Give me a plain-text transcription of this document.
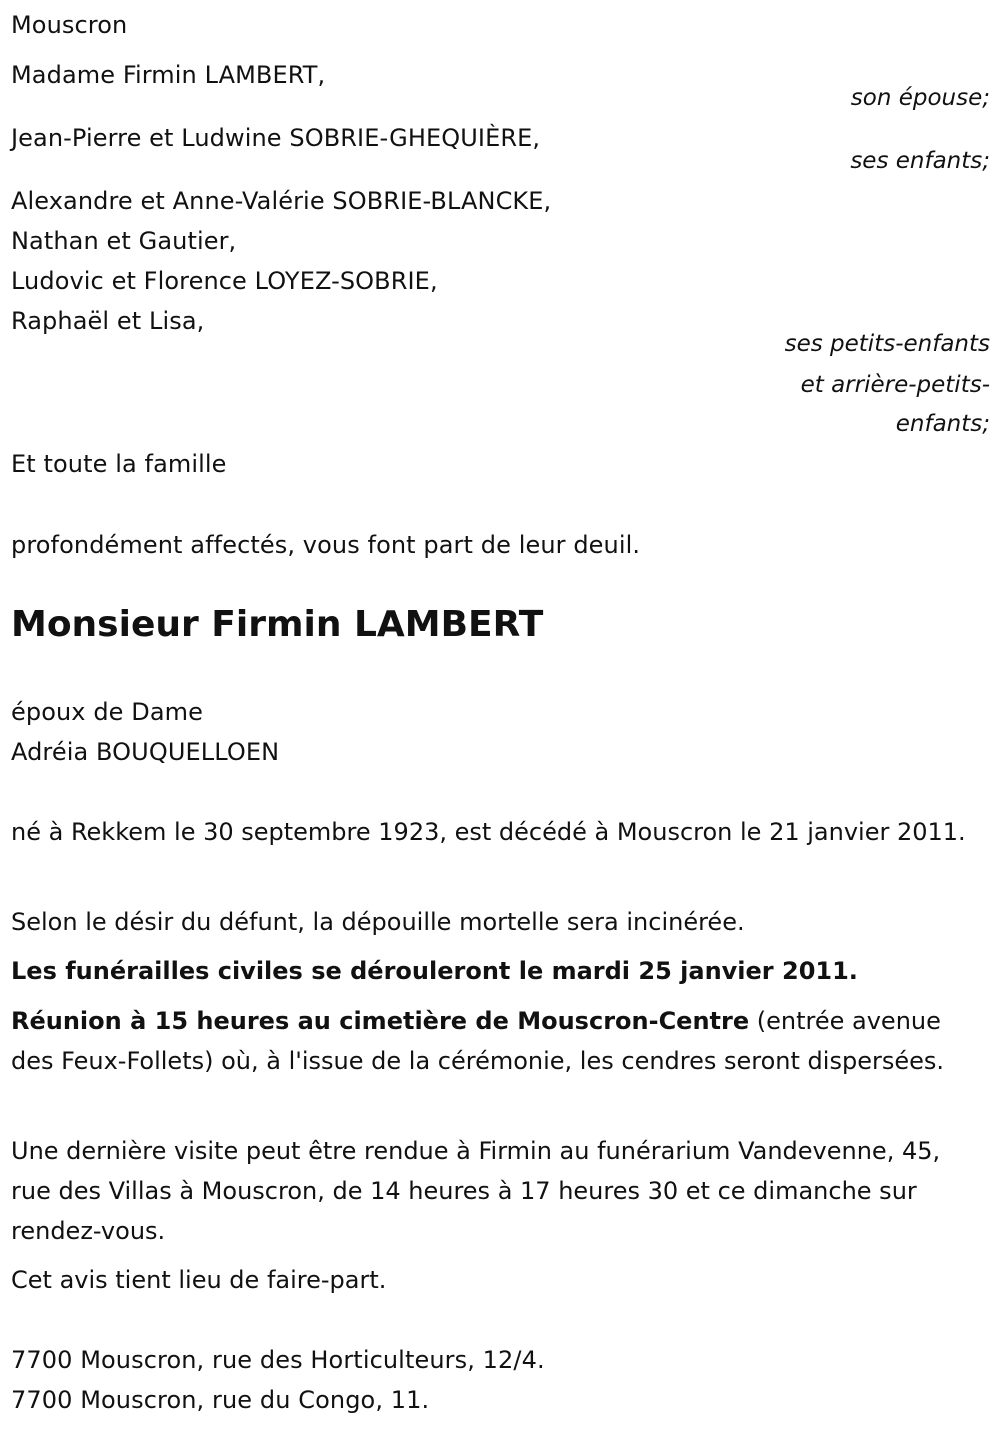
Mouscron
Madame Firmin LAMBERT,
son épouse;
Jean-Pierre et Ludwine SOBRIE-GHEQUIÈRE,
ses enfants;
Alexandre et Anne-Valérie SOBRIE-BLANCKE,
Nathan et Gautier,
Ludovic et Florence LOYEZ-SOBRIE,
Raphaël et Lisa,
ses petits-enfants
et arrière-petits-
enfants;
Et toute la famille
profondément affectés, vous font part de leur deuil.
Monsieur Firmin LAMBERT
époux de Dame
Adréia BOUQUELLOEN
né à Rekkem le 30 septembre 1923, est décédé à Mouscron le 21 janvier 2011.
Selon le désir du défunt, la dépouille mortelle sera incinérée.
Les funérailles civiles se dérouleront le mardi 25 janvier 2011.
Réunion à 15 heures au cimetière de Mouscron-Centre (entrée avenue des Feux-Follets) où, à l'issue de la cérémonie, les cendres seront dispersées.
Une dernière visite peut être rendue à Firmin au funérarium Vandevenne, 45, rue des Villas à Mouscron, de 14 heures à 17 heures 30 et ce dimanche sur rendez-vous.
Cet avis tient lieu de faire-part.
7700 Mouscron, rue des Horticulteurs, 12/4.
7700 Mouscron, rue du Congo, 11.
